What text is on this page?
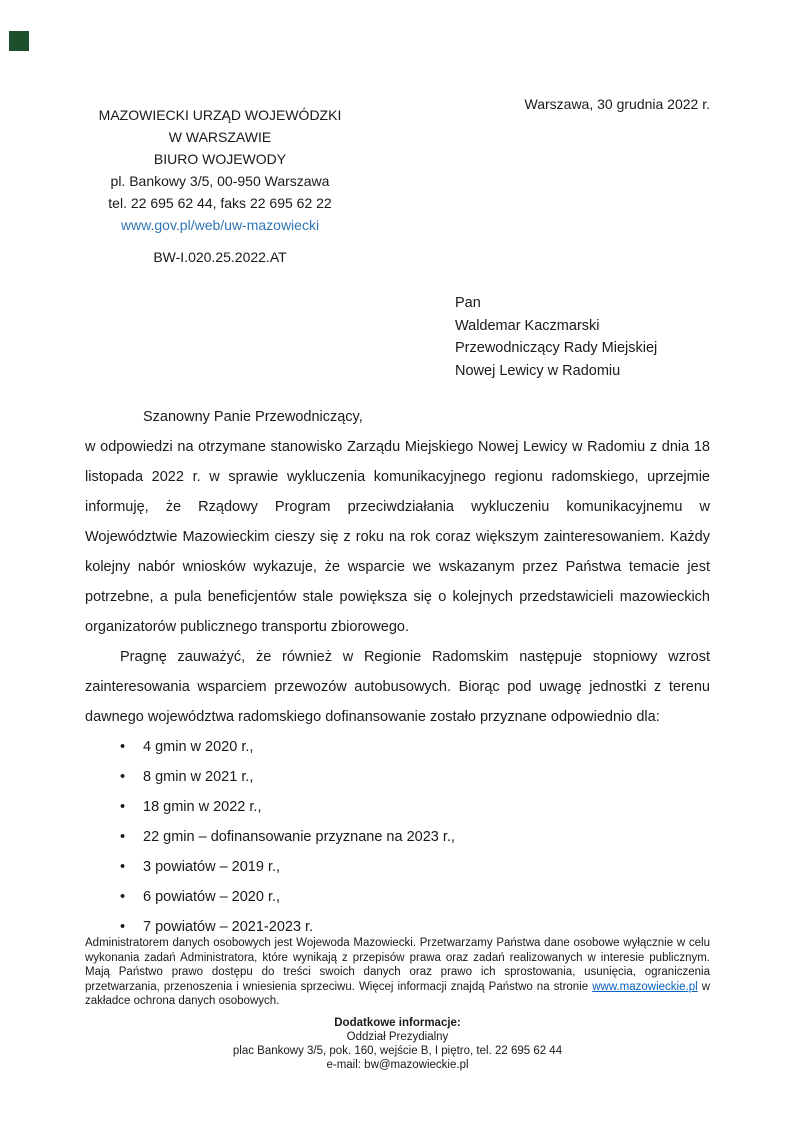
Warszawa, 30 grudnia 2022 r.
MAZOWIECKI URZĄD WOJEWÓDZKI
W WARSZAWIE
BIURO WOJEWODY
pl. Bankowy 3/5, 00-950 Warszawa
tel. 22 695 62 44, faks 22 695 62 22
www.gov.pl/web/uw-mazowiecki
BW-I.020.25.2022.AT
Pan
Waldemar Kaczmarski
Przewodniczący Rady Miejskiej
Nowej Lewicy w Radomiu
Szanowny Panie Przewodniczący,
w odpowiedzi na otrzymane stanowisko Zarządu Miejskiego Nowej Lewicy w Radomiu z dnia 18 listopada 2022 r. w sprawie wykluczenia komunikacyjnego regionu radomskiego, uprzejmie informuję, że Rządowy Program przeciwdziałania wykluczeniu komunikacyjnemu w Województwie Mazowieckim cieszy się z roku na rok coraz większym zainteresowaniem. Każdy kolejny nabór wniosków wykazuje, że wsparcie we wskazanym przez Państwa temacie jest potrzebne, a pula beneficjentów stale powiększa się o kolejnych przedstawicieli mazowieckich organizatorów publicznego transportu zbiorowego.
Pragnę zauważyć, że również w Regionie Radomskim następuje stopniowy wzrost zainteresowania wsparciem przewozów autobusowych. Biorąc pod uwagę jednostki z terenu dawnego województwa radomskiego dofinansowanie zostało przyznane odpowiednio dla:
• 4 gmin w 2020 r.,
• 8 gmin w 2021 r.,
• 18 gmin w 2022 r.,
• 22 gmin – dofinansowanie przyznane na 2023 r.,
• 3 powiatów – 2019 r.,
• 6 powiatów – 2020 r.,
• 7 powiatów – 2021-2023 r.
Administratorem danych osobowych jest Wojewoda Mazowiecki. Przetwarzamy Państwa dane osobowe wyłącznie w celu wykonania zadań Administratora, które wynikają z przepisów prawa oraz zadań realizowanych w interesie publicznym. Mają Państwo prawo dostępu do treści swoich danych oraz prawo ich sprostowania, usunięcia, ograniczenia przetwarzania, przenoszenia i wniesienia sprzeciwu. Więcej informacji znajdą Państwo na stronie www.mazowieckie.pl w zakładce ochrona danych osobowych.
Dodatkowe informacje:
Oddział Prezydialny
plac Bankowy 3/5, pok. 160, wejście B, I piętro, tel. 22 695 62 44
e-mail: bw@mazowieckie.pl
